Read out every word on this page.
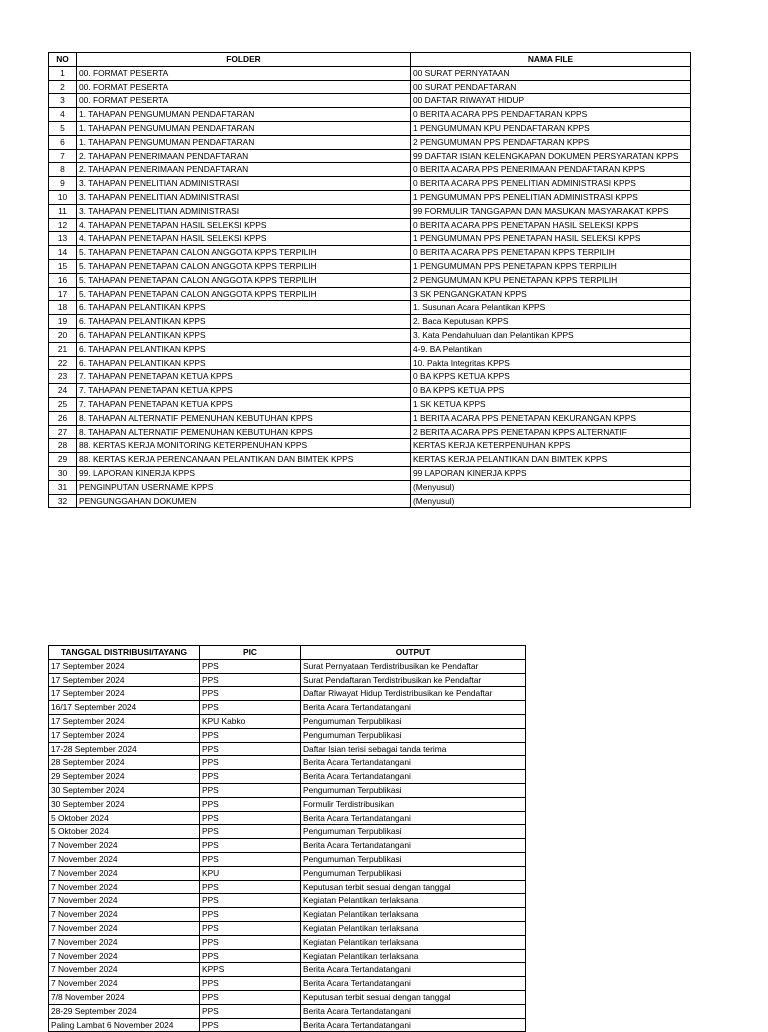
NO	FOLDER	NAMA FILE
1	00. FORMAT PESERTA	00 SURAT PERNYATAAN
2	00. FORMAT PESERTA	00 SURAT PENDAFTARAN
3	00. FORMAT PESERTA	00 DAFTAR RIWAYAT HIDUP
4	1. TAHAPAN PENGUMUMAN PENDAFTARAN	0 BERITA ACARA PPS PENDAFTARAN KPPS
5	1. TAHAPAN PENGUMUMAN PENDAFTARAN	1 PENGUMUMAN KPU PENDAFTARAN KPPS
6	1. TAHAPAN PENGUMUMAN PENDAFTARAN	2 PENGUMUMAN PPS PENDAFTARAN KPPS
7	2. TAHAPAN PENERIMAAN PENDAFTARAN	99 DAFTAR ISIAN KELENGKAPAN DOKUMEN PERSYARATAN KPPS
8	2. TAHAPAN PENERIMAAN PENDAFTARAN	0 BERITA ACARA PPS PENERIMAAN PENDAFTARAN KPPS
9	3. TAHAPAN PENELITIAN ADMINISTRASI	0 BERITA ACARA PPS PENELITIAN ADMINISTRASI KPPS
10	3. TAHAPAN PENELITIAN ADMINISTRASI	1 PENGUMUMAN PPS PENELITIAN ADMINISTRASI KPPS
11	3. TAHAPAN PENELITIAN ADMINISTRASI	99 FORMULIR TANGGAPAN DAN MASUKAN MASYARAKAT KPPS
12	4. TAHAPAN PENETAPAN HASIL SELEKSI KPPS	0 BERITA ACARA PPS PENETAPAN HASIL SELEKSI KPPS
13	4. TAHAPAN PENETAPAN HASIL SELEKSI KPPS	1 PENGUMUMAN PPS PENETAPAN HASIL SELEKSI KPPS
14	5. TAHAPAN PENETAPAN CALON ANGGOTA KPPS TERPILIH	0 BERITA ACARA PPS PENETAPAN KPPS TERPILIH
15	5. TAHAPAN PENETAPAN CALON ANGGOTA KPPS TERPILIH	1 PENGUMUMAN PPS PENETAPAN KPPS TERPILIH
16	5. TAHAPAN PENETAPAN CALON ANGGOTA KPPS TERPILIH	2 PENGUMUMAN KPU PENETAPAN KPPS TERPILIH
17	5. TAHAPAN PENETAPAN CALON ANGGOTA KPPS TERPILIH	3 SK PENGANGKATAN KPPS
18	6. TAHAPAN PELANTIKAN KPPS	1. Susunan Acara Pelantikan KPPS
19	6. TAHAPAN PELANTIKAN KPPS	2. Baca Keputusan KPPS
20	6. TAHAPAN PELANTIKAN KPPS	3. Kata Pendahuluan dan Pelantikan KPPS
21	6. TAHAPAN PELANTIKAN KPPS	4-9. BA Pelantikan
22	6. TAHAPAN PELANTIKAN KPPS	10. Pakta Integritas KPPS
23	7. TAHAPAN PENETAPAN KETUA KPPS	0 BA KPPS KETUA KPPS
24	7. TAHAPAN PENETAPAN KETUA KPPS	0 BA KPPS KETUA PPS
25	7. TAHAPAN PENETAPAN KETUA KPPS	1 SK KETUA KPPS
26	8. TAHAPAN ALTERNATIF PEMENUHAN KEBUTUHAN KPPS	1 BERITA ACARA PPS PENETAPAN KEKURANGAN KPPS
27	8. TAHAPAN ALTERNATIF PEMENUHAN KEBUTUHAN KPPS	2 BERITA ACARA PPS PENETAPAN KPPS ALTERNATIF
28	88. KERTAS KERJA MONITORING KETERPENUHAN KPPS	KERTAS KERJA KETERPENUHAN KPPS
29	88. KERTAS KERJA PERENCANAAN PELANTIKAN DAN BIMTEK KPPS	KERTAS KERJA PELANTIKAN DAN BIMTEK KPPS
30	99. LAPORAN KINERJA KPPS	99 LAPORAN KINERJA KPPS
31	PENGINPUTAN USERNAME KPPS	(Menyusul)
32	PENGUNGGAHAN DOKUMEN	(Menyusul)
TANGGAL DISTRIBUSI/TAYANG	PIC	OUTPUT
17 September 2024	PPS	Surat Pernyataan Terdistribusikan ke Pendaftar
17 September 2024	PPS	Surat Pendaftaran Terdistribusikan ke Pendaftar
17 September 2024	PPS	Daftar Riwayat Hidup Terdistribusikan ke Pendaftar
16/17 September 2024	PPS	Berita Acara Tertandatangani
17 September 2024	KPU Kabko	Pengumuman Terpublikasi
17 September 2024	PPS	Pengumuman Terpublikasi
17-28 September 2024	PPS	Daftar Isian terisi sebagai tanda terima
28 September 2024	PPS	Berita Acara Tertandatangani
29 September 2024	PPS	Berita Acara Tertandatangani
30 September 2024	PPS	Pengumuman Terpublikasi
30 September 2024	PPS	Formulir Terdistribusikan
5 Oktober 2024	PPS	Berita Acara Tertandatangani
5 Oktober 2024	PPS	Pengumuman Terpublikasi
7 November 2024	PPS	Berita Acara Tertandatangani
7 November 2024	PPS	Pengumuman Terpublikasi
7 November 2024	KPU	Pengumuman Terpublikasi
7 November 2024	PPS	Keputusan terbit sesuai dengan tanggal
7 November 2024	PPS	Kegiatan Pelantikan terlaksana
7 November 2024	PPS	Kegiatan Pelantikan terlaksana
7 November 2024	PPS	Kegiatan Pelantikan terlaksana
7 November 2024	PPS	Kegiatan Pelantikan terlaksana
7 November 2024	PPS	Kegiatan Pelantikan terlaksana
7 November 2024	KPPS	Berita Acara Tertandatangani
7 November 2024	PPS	Berita Acara Tertandatangani
7/8 November 2024	PPS	Keputusan terbit sesuai dengan tanggal
28-29 September 2024	PPS	Berita Acara Tertandatangani
Paling Lambat 6 November 2024	PPS	Berita Acara Tertandatangani
